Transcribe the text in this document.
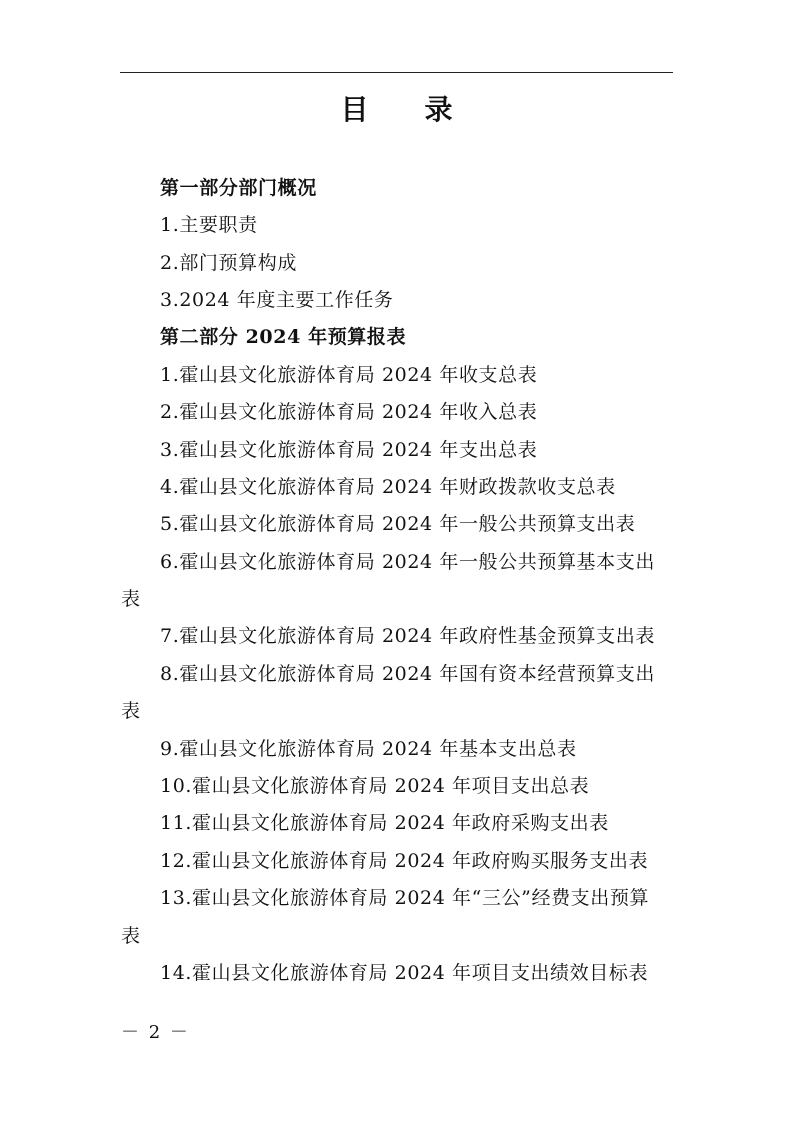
目 录
第一部分部门概况
1.主要职责
2.部门预算构成
3.2024 年度主要工作任务
第二部分 2024 年预算报表
1.霍山县文化旅游体育局 2024 年收支总表
2.霍山县文化旅游体育局 2024 年收入总表
3.霍山县文化旅游体育局 2024 年支出总表
4.霍山县文化旅游体育局 2024 年财政拨款收支总表
5.霍山县文化旅游体育局 2024 年一般公共预算支出表
6.霍山县文化旅游体育局 2024 年一般公共预算基本支出
表
7.霍山县文化旅游体育局 2024 年政府性基金预算支出表
8.霍山县文化旅游体育局 2024 年国有资本经营预算支出
表
9.霍山县文化旅游体育局 2024 年基本支出总表
10.霍山县文化旅游体育局 2024 年项目支出总表
11.霍山县文化旅游体育局 2024 年政府采购支出表
12.霍山县文化旅游体育局 2024 年政府购买服务支出表
13.霍山县文化旅游体育局 2024 年“三公”经费支出预算
表
14.霍山县文化旅游体育局 2024 年项目支出绩效目标表
－ 2 －
